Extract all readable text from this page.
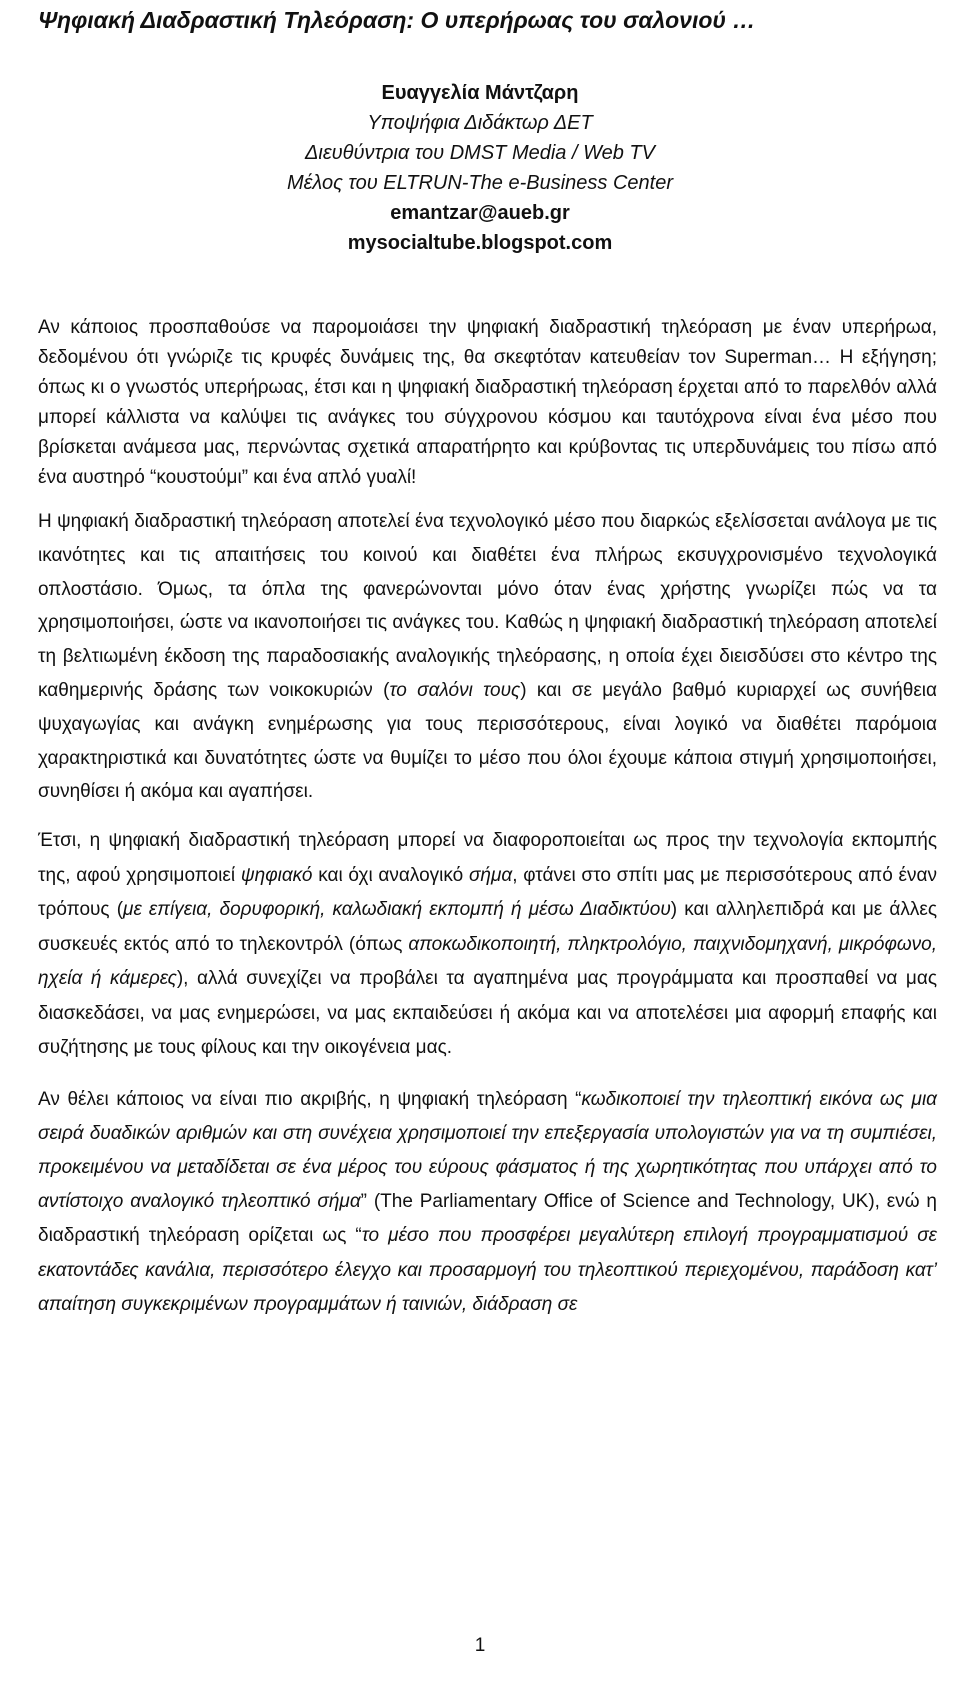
Ψηφιακή Διαδραστική Τηλεόραση: Ο υπερήρωας του σαλονιού …
Ευαγγελία Μάντζαρη
Υποψήφια Διδάκτωρ ΔΕΤ
Διευθύντρια του DMST Media / Web TV
Μέλος του ELTRUN-The e-Business Center
emantzar@aueb.gr
mysocialtube.blogspot.com

Αν κάποιος προσπαθούσε να παρομοιάσει την ψηφιακή διαδραστική τηλεόραση με έναν υπερήρωα, δεδομένου ότι γνώριζε τις κρυφές δυνάμεις της, θα σκεφτόταν κατευθείαν τον Superman… Η εξήγηση; όπως κι ο γνωστός υπερήρωας, έτσι και η ψηφιακή διαδραστική τηλεόραση έρχεται από το παρελθόν αλλά μπορεί κάλλιστα να καλύψει τις ανάγκες του σύγχρονου κόσμου και ταυτόχρονα είναι ένα μέσο που βρίσκεται ανάμεσα μας, περνώντας σχετικά απαρατήρητο και κρύβοντας τις υπερδυνάμεις του πίσω από ένα αυστηρό “κουστούμι” και ένα απλό γυαλί!

Η ψηφιακή διαδραστική τηλεόραση αποτελεί ένα τεχνολογικό μέσο που διαρκώς εξελίσσεται ανάλογα με τις ικανότητες και τις απαιτήσεις του κοινού και διαθέτει ένα πλήρως εκσυγχρονισμένο τεχνολογικά οπλοστάσιο. Όμως, τα όπλα της φανερώνονται μόνο όταν ένας χρήστης γνωρίζει πώς να τα χρησιμοποιήσει, ώστε να ικανοποιήσει τις ανάγκες του. Καθώς η ψηφιακή διαδραστική τηλεόραση αποτελεί τη βελτιωμένη έκδοση της παραδοσιακής αναλογικής τηλεόρασης, η οποία έχει διεισδύσει στο κέντρο της καθημερινής δράσης των νοικοκυριών (το σαλόνι τους) και σε μεγάλο βαθμό κυριαρχεί ως συνήθεια ψυχαγωγίας και ανάγκη ενημέρωσης για τους περισσότερους, είναι λογικό να διαθέτει παρόμοια χαρακτηριστικά και δυνατότητες ώστε να θυμίζει το μέσο που όλοι έχουμε κάποια στιγμή χρησιμοποιήσει, συνηθίσει ή ακόμα και αγαπήσει.

Έτσι, η ψηφιακή διαδραστική τηλεόραση μπορεί να διαφοροποιείται ως προς την τεχνολογία εκπομπής της, αφού χρησιμοποιεί ψηφιακό και όχι αναλογικό σήμα, φτάνει στο σπίτι μας με περισσότερους από έναν τρόπους (με επίγεια, δορυφορική, καλωδιακή εκπομπή ή μέσω Διαδικτύου) και αλληλεπιδρά και με άλλες συσκευές εκτός από το τηλεκοντρόλ (όπως αποκωδικοποιητή, πληκτρολόγιο, παιχνιδομηχανή, μικρόφωνο, ηχεία ή κάμερες), αλλά συνεχίζει να προβάλει τα αγαπημένα μας προγράμματα και προσπαθεί να μας διασκεδάσει, να μας ενημερώσει, να μας εκπαιδεύσει ή ακόμα και να αποτελέσει μια αφορμή επαφής και συζήτησης με τους φίλους και την οικογένεια μας.

Αν θέλει κάποιος να είναι πιο ακριβής, η ψηφιακή τηλεόραση “κωδικοποιεί την τηλεοπτική εικόνα ως μια σειρά δυαδικών αριθμών και στη συνέχεια χρησιμοποιεί την επεξεργασία υπολογιστών για να τη συμπιέσει, προκειμένου να μεταδίδεται σε ένα μέρος του εύρους φάσματος ή της χωρητικότητας που υπάρχει από το αντίστοιχο αναλογικό τηλεοπτικό σήμα” (The Parliamentary Office of Science and Technology, UK), ενώ η διαδραστική τηλεόραση ορίζεται ως “το μέσο που προσφέρει μεγαλύτερη επιλογή προγραμματισμού σε εκατοντάδες κανάλια, περισσότερο έλεγχο και προσαρμογή του τηλεοπτικού περιεχομένου, παράδοση κατ’ απαίτηση συγκεκριμένων προγραμμάτων ή ταινιών, διάδραση σε

1
